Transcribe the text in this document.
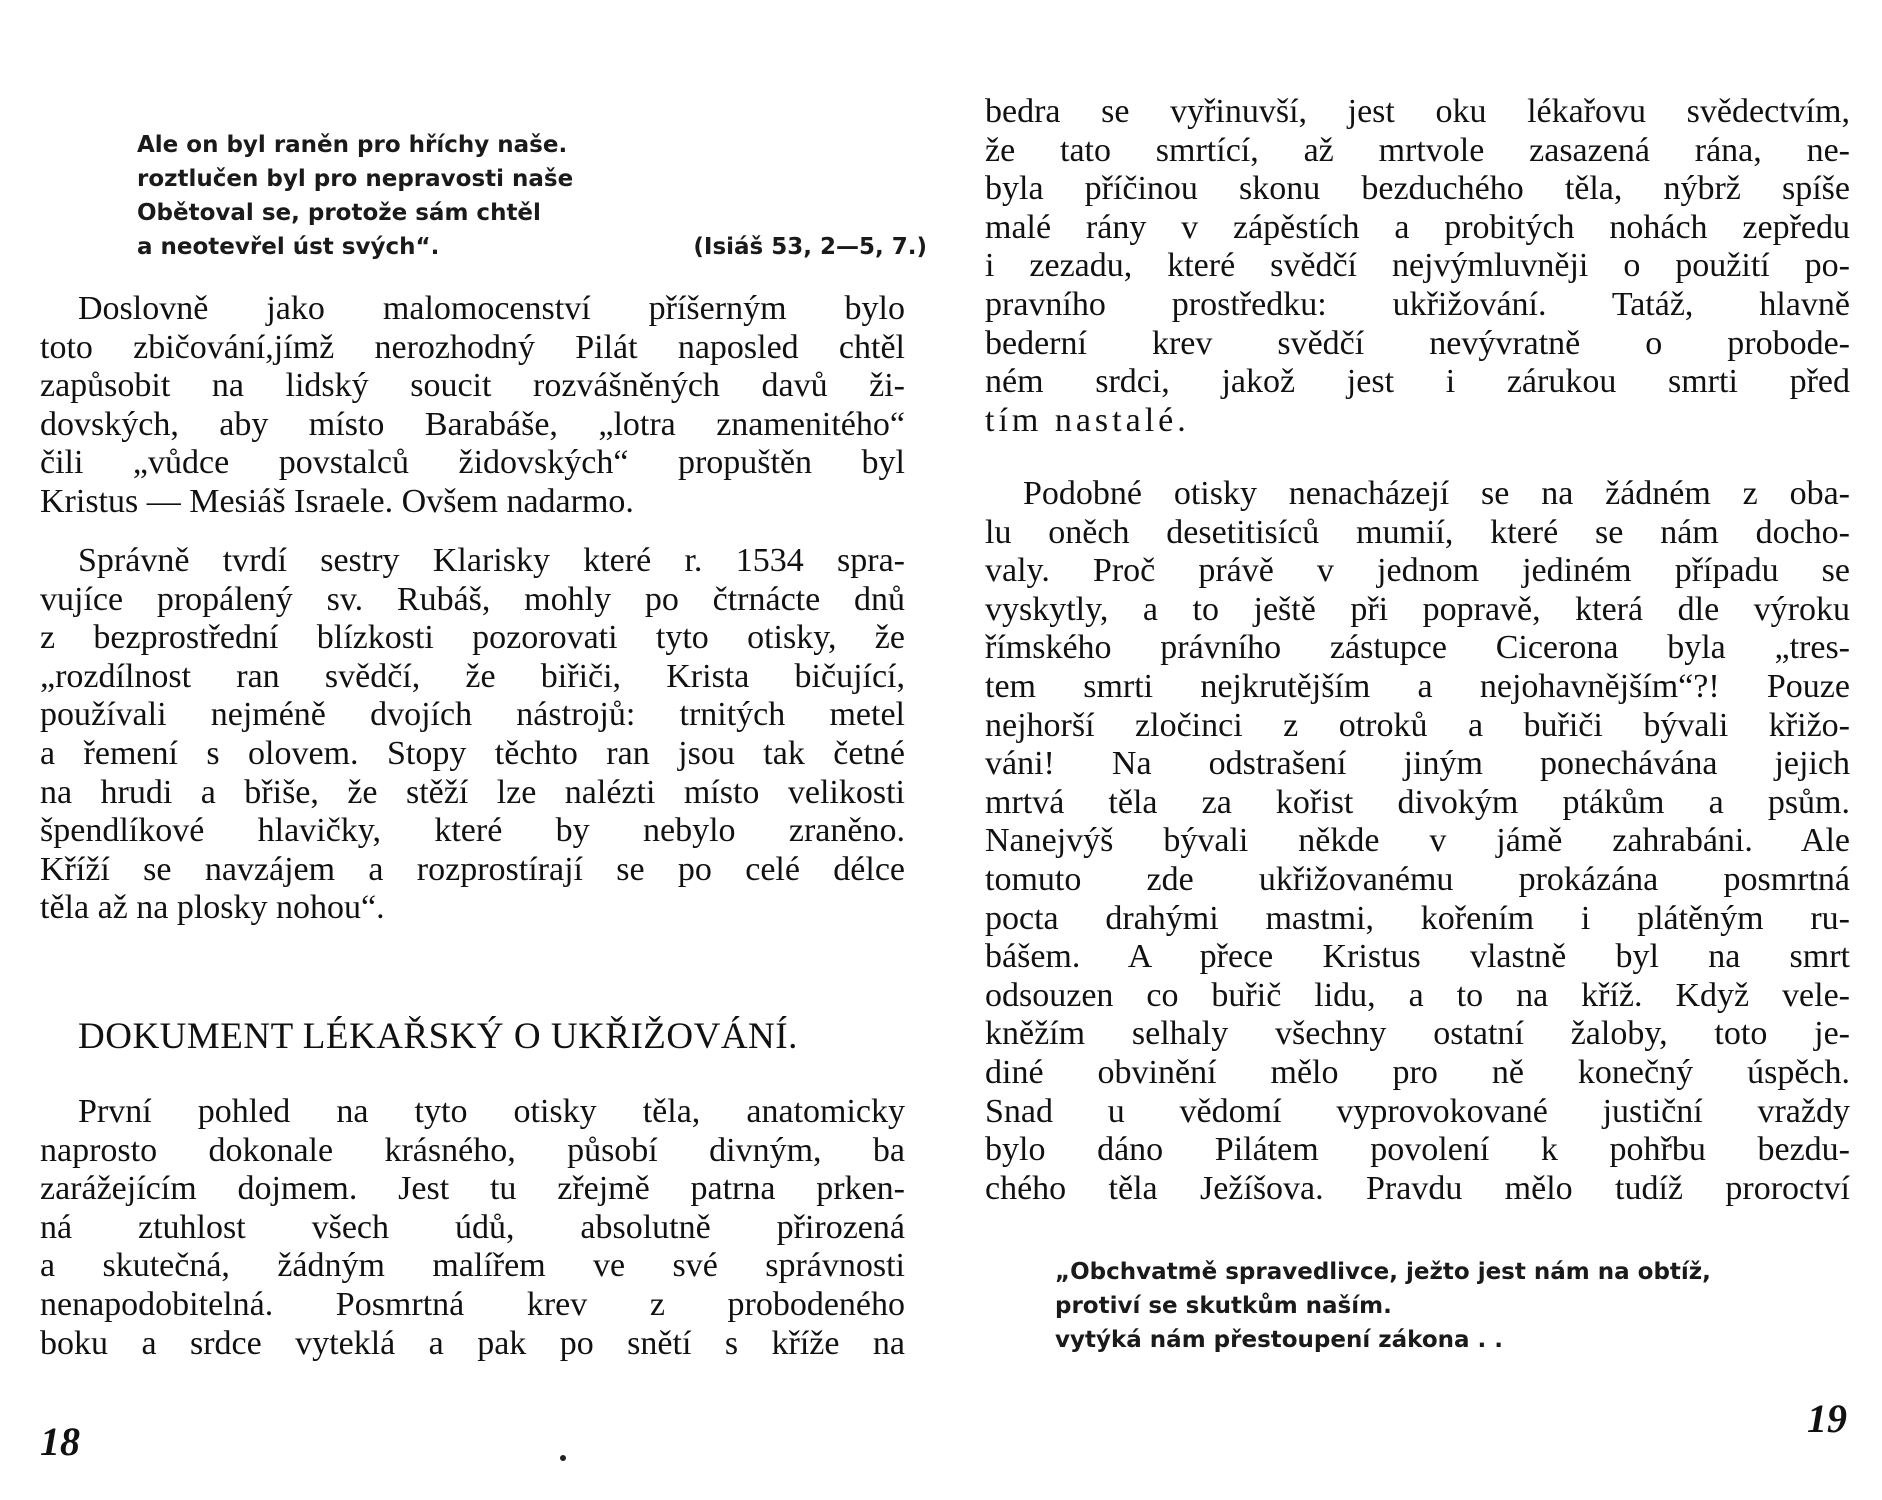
Ale on byl raněn pro hříchy naše.
roztlučen byl pro nepravosti naše
Obětoval se, protože sám chtěl
a neotevřel úst svých“.	(Isiáš 53, 2—5, 7.)
Doslovně jako malomocenství příšerným bylo
toto zbičování,jímž nerozhodný Pilát naposled chtěl
zapůsobit na lidský soucit rozvášněných davů ži-
dovských, aby místo Barabáše, „lotra znamenitého“
čili „vůdce povstalců židovských“ propuštěn byl
Kristus — Mesiáš Israele. Ovšem nadarmo.
Správně tvrdí sestry Klarisky které r. 1534 spra-
vujíce propálený sv. Rubáš, mohly po čtrnácte dnů
z bezprostřední blízkosti pozorovati tyto otisky, že
„rozdílnost ran svědčí, že biřiči, Krista bičující,
používali nejméně dvojích nástrojů: trnitých metel
a řemení s olovem. Stopy těchto ran jsou tak četné
na hrudi a břiše, že stěží lze nalézti místo velikosti
špendlíkové hlavičky, které by nebylo zraněno.
Kříží se navzájem a rozprostírají se po celé délce
těla až na plosky nohou“.
DOKUMENT LÉKAŘSKÝ O UKŘIŽOVÁNÍ.
První pohled na tyto otisky těla, anatomicky
naprosto dokonale krásného, působí divným, ba
zarážejícím dojmem. Jest tu zřejmě patrna prken-
ná ztuhlost všech údů, absolutně přirozená
a skutečná, žádným malířem ve své správnosti
nenapodobitelná. Posmrtná krev z probodeného
boku a srdce vyteklá a pak po snětí s kříže na
18
bedra se vyřinuvší, jest oku lékařovu svědectvím,
že tato smrtící, až mrtvole zasazená rána, ne-
byla příčinou skonu bezduchého těla, nýbrž spíše
malé rány v zápěstích a probitých nohách zepředu
i zezadu, které svědčí nejvýmluvněji o použití po-
pravního prostředku: ukřižování. Tatáž, hlavně
bederní krev svědčí nevývratně o probode-
ném srdci, jakož jest i zárukou smrti před
tím nastalé.
Podobné otisky nenacházejí se na žádném z oba-
lu oněch desetitisíců mumií, které se nám docho-
valy. Proč právě v jednom jediném případu se
vyskytly, a to ještě při popravě, která dle výroku
římského právního zástupce Cicerona byla „tres-
tem smrti nejkrutějším a nejohavnějším“?! Pouze
nejhorší zločinci z otroků a buřiči bývali křižo-
váni! Na odstrašení jiným ponechávána jejich
mrtvá těla za kořist divokým ptákům a psům.
Nanejvýš bývali někde v jámě zahrabáni. Ale
tomuto zde ukřižovanému prokázána posmrtná
pocta drahými mastmi, kořením i plátěným ru-
bášem. A přece Kristus vlastně byl na smrt
odsouzen co buřič lidu, a to na kříž. Když vele-
kněžím selhaly všechny ostatní žaloby, toto je-
diné obvinění mělo pro ně konečný úspěch.
Snad u vědomí vyprovokované justiční vraždy
bylo dáno Pilátem povolení k pohřbu bezdu-
chého těla Ježíšova. Pravdu mělo tudíž proroctví
„Obchvatmě spravedlivce, ježto jest nám na obtíž,
protiví se skutkům naším.
vytýká nám přestoupení zákona . .
19
